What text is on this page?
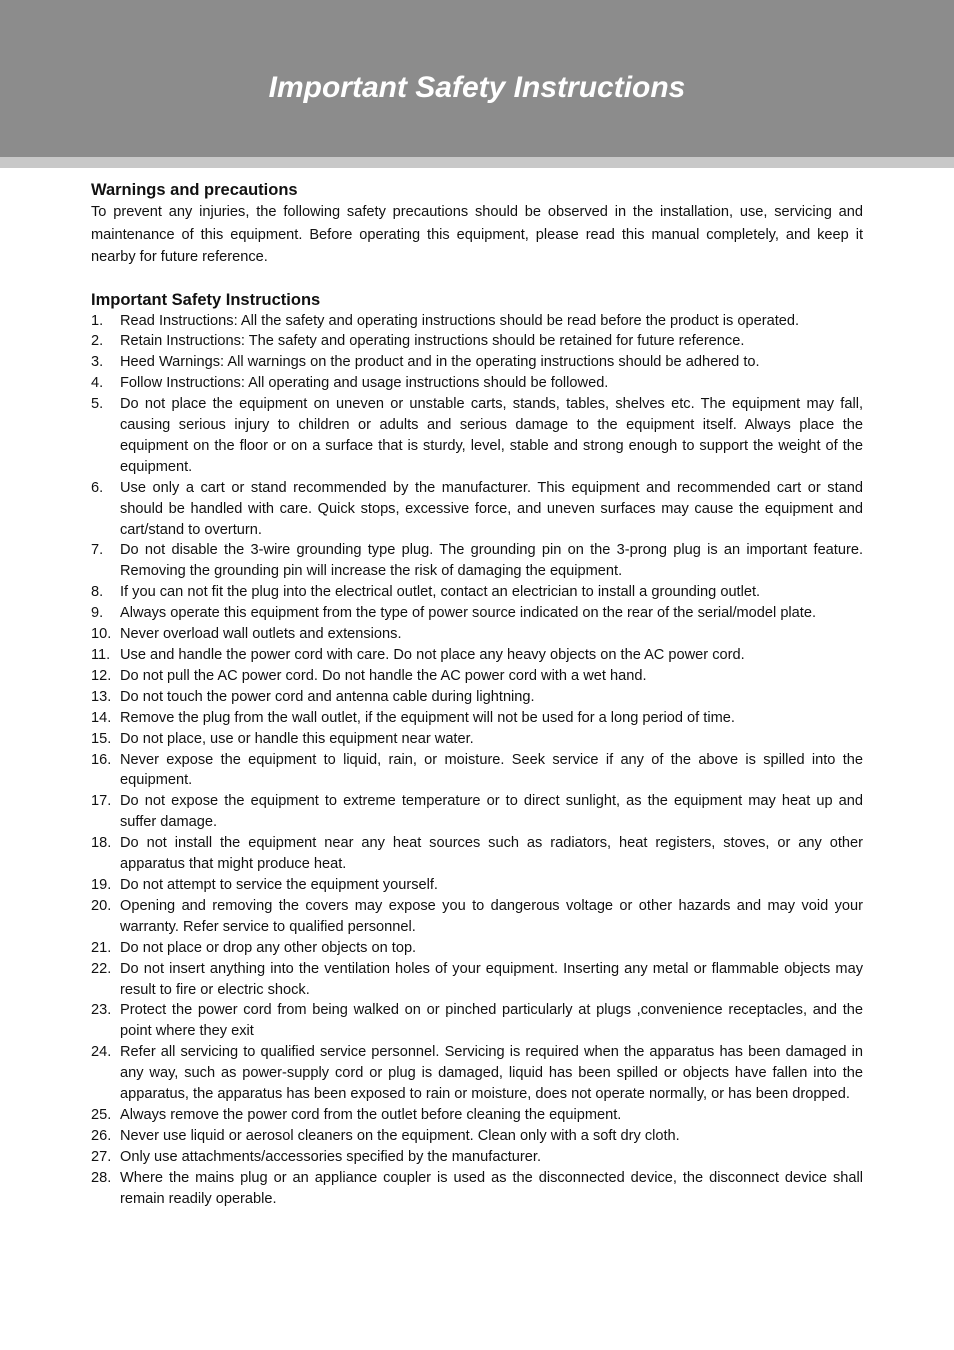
Important Safety Instructions
Warnings and precautions

To prevent any injuries, the following safety precautions should be observed in the installation, use, servicing and maintenance of this equipment. Before operating this equipment, please read this manual completely, and keep it nearby for future reference.

Important Safety Instructions
1. Read Instructions: All the safety and operating instructions should be read before the product is operated.
2. Retain Instructions: The safety and operating instructions should be retained for future reference.
3. Heed Warnings: All warnings on the product and in the operating instructions should be adhered to.
4. Follow Instructions: All operating and usage instructions should be followed.
5. Do not place the equipment on uneven or unstable carts, stands, tables, shelves etc. The equipment may fall, causing serious injury to children or adults and serious damage to the equipment itself. Always place the equipment on the floor or on a surface that is sturdy, level, stable and strong enough to support the weight of the equipment.
6. Use only a cart or stand recommended by the manufacturer. This equipment and recommended cart or stand should be handled with care. Quick stops, excessive force, and uneven surfaces may cause the equipment and cart/stand to overturn.
7. Do not disable the 3-wire grounding type plug. The grounding pin on the 3-prong plug is an important feature. Removing the grounding pin will increase the risk of damaging the equipment.
8. If you can not fit the plug into the electrical outlet, contact an electrician to install a grounding outlet.
9. Always operate this equipment from the type of power source indicated on the rear of the serial/model plate.
10. Never overload wall outlets and extensions.
11. Use and handle the power cord with care. Do not place any heavy objects on the AC power cord.
12. Do not pull the AC power cord. Do not handle the AC power cord with a wet hand.
13. Do not touch the power cord and antenna cable during lightning.
14. Remove the plug from the wall outlet, if the equipment will not be used for a long period of time.
15. Do not place, use or handle this equipment near water.
16. Never expose the equipment to liquid, rain, or moisture. Seek service if any of the above is spilled into the equipment.
17. Do not expose the equipment to extreme temperature or to direct sunlight, as the equipment may heat up and suffer damage.
18. Do not install the equipment near any heat sources such as radiators, heat registers, stoves, or any other apparatus that might produce heat.
19. Do not attempt to service the equipment yourself.
20. Opening and removing the covers may expose you to dangerous voltage or other hazards and may void your warranty. Refer service to qualified personnel.
21. Do not place or drop any other objects on top.
22. Do not insert anything into the ventilation holes of your equipment. Inserting any metal or flammable objects may result to fire or electric shock.
23. Protect the power cord from being walked on or pinched particularly at plugs ,convenience receptacles, and the point where they exit
24. Refer all servicing to qualified service personnel. Servicing is required when the apparatus has been damaged in any way, such as power-supply cord or plug is damaged, liquid has been spilled or objects have fallen into the apparatus, the apparatus has been exposed to rain or moisture, does not operate normally, or has been dropped.
25. Always remove the power cord from the outlet before cleaning the equipment.
26. Never use liquid or aerosol cleaners on the equipment. Clean only with a soft dry cloth.
27. Only use attachments/accessories specified by the manufacturer.
28. Where the mains plug or an appliance coupler is used as the disconnected device, the disconnect device shall remain readily operable.
